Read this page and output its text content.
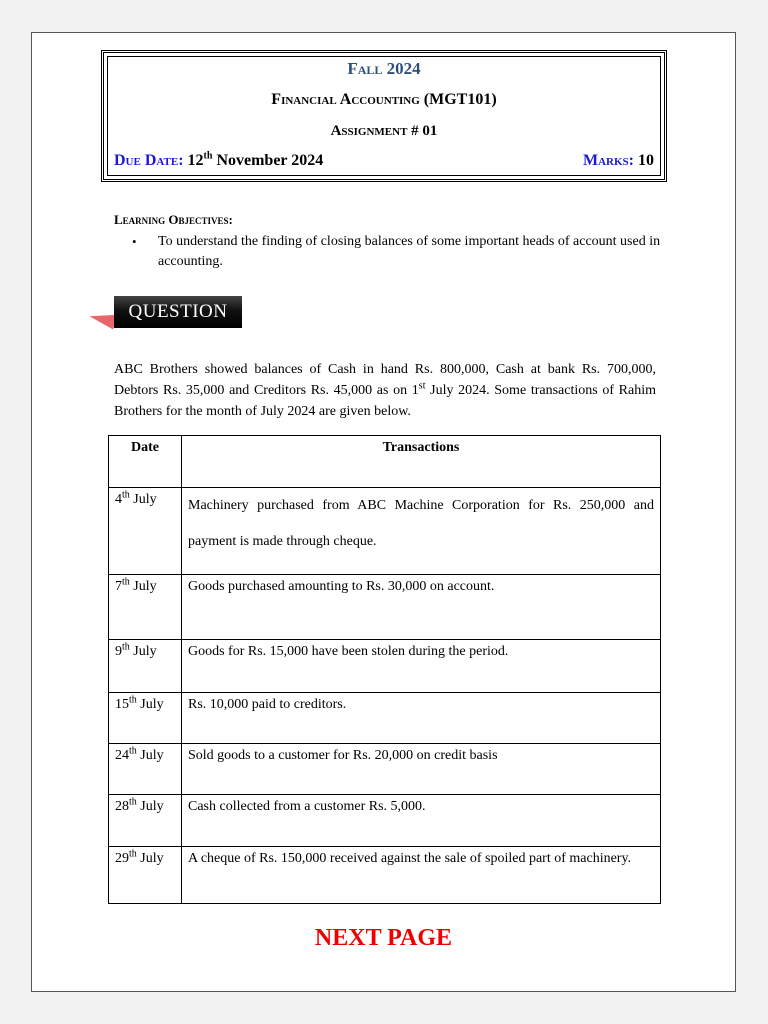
Fall 2024
Financial Accounting (MGT101)
Assignment # 01
Due Date: 12th November 2024	Marks: 10
Learning Objectives:
• To understand the finding of closing balances of some important heads of account used in accounting.
QUESTION
ABC Brothers showed balances of Cash in hand Rs. 800,000, Cash at bank Rs. 700,000, Debtors Rs. 35,000 and Creditors Rs. 45,000 as on 1st July 2024. Some transactions of Rahim Brothers for the month of July 2024 are given below.
Date	Transactions
4th July	Machinery purchased from ABC Machine Corporation for Rs. 250,000 and payment is made through cheque.
7th July	Goods purchased amounting to Rs. 30,000 on account.
9th July	Goods for Rs. 15,000 have been stolen during the period.
15th July	Rs. 10,000 paid to creditors.
24th July	Sold goods to a customer for Rs. 20,000 on credit basis
28th July	Cash collected from a customer Rs. 5,000.
29th July	A cheque of Rs. 150,000 received against the sale of spoiled part of machinery.
NEXT PAGE
